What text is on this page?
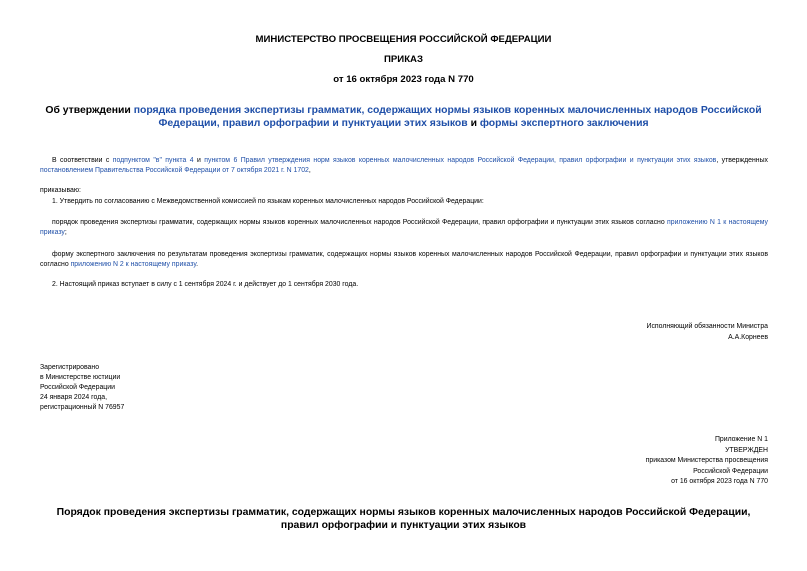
МИНИСТЕРСТВО ПРОСВЕЩЕНИЯ РОССИЙСКОЙ ФЕДЕРАЦИИ
ПРИКАЗ
от 16 октября 2023 года N 770
Об утверждении порядка проведения экспертизы грамматик, содержащих нормы языков коренных малочисленных народов Российской Федерации, правил орфографии и пунктуации этих языков и формы экспертного заключения
В соответствии с подпунктом "в" пункта 4 и пунктом 6 Правил утверждения норм языков коренных малочисленных народов Российской Федерации, правил орфографии и пунктуации этих языков, утвержденных постановлением Правительства Российской Федерации от 7 октября 2021 г. N 1702,
приказываю:
1. Утвердить по согласованию с Межведомственной комиссией по языкам коренных малочисленных народов Российской Федерации:
порядок проведения экспертизы грамматик, содержащих нормы языков коренных малочисленных народов Российской Федерации, правил орфографии и пунктуации этих языков согласно приложению N 1 к настоящему приказу;
форму экспертного заключения по результатам проведения экспертизы грамматик, содержащих нормы языков коренных малочисленных народов Российской Федерации, правил орфографии и пунктуации этих языков согласно приложению N 2 к настоящему приказу.
2. Настоящий приказ вступает в силу с 1 сентября 2024 г. и действует до 1 сентября 2030 года.
Исполняющий обязанности Министра
А.А.Корнеев
Зарегистрировано
в Министерстве юстиции
Российской Федерации
24 января 2024 года,
регистрационный N 76957
Приложение N 1
УТВЕРЖДЕН
приказом Министерства просвещения
Российской Федерации
от 16 октября 2023 года N 770
Порядок проведения экспертизы грамматик, содержащих нормы языков коренных малочисленных народов Российской Федерации, правил орфографии и пунктуации этих языков
